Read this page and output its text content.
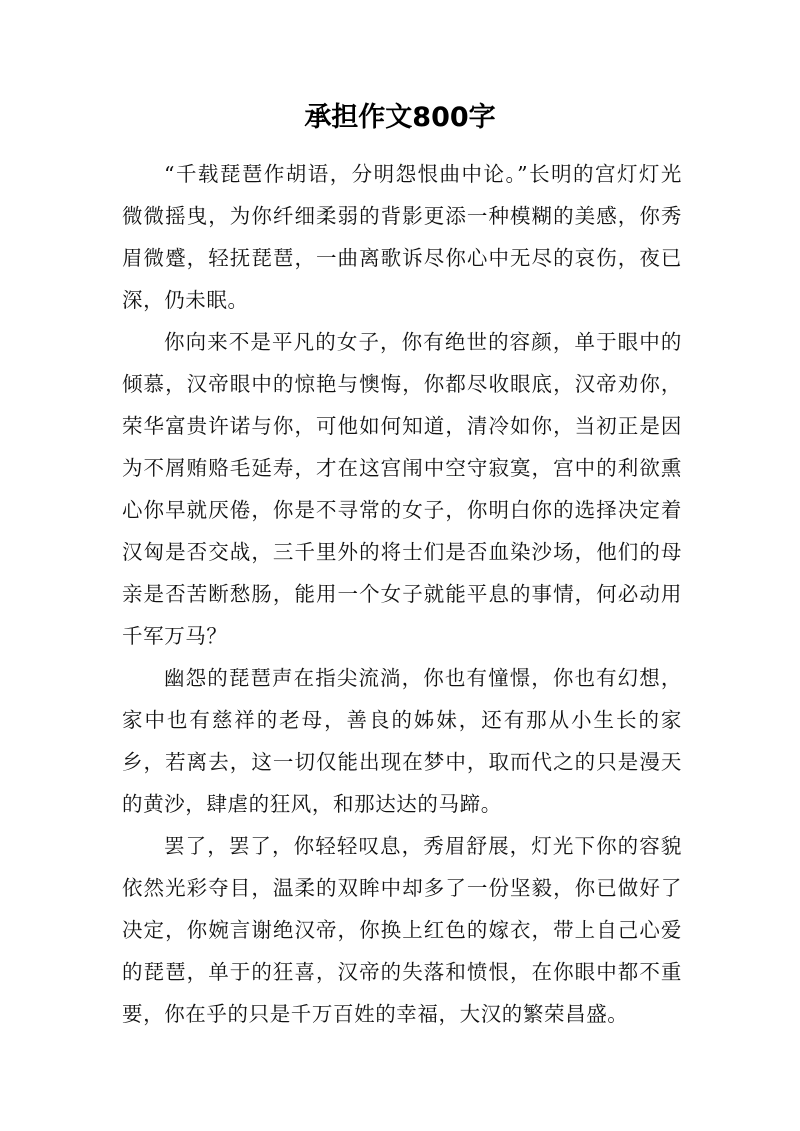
承担作文800字

“千载琵琶作胡语，分明怨恨曲中论。”长明的宫灯灯光微微摇曳，为你纤细柔弱的背影更添一种模糊的美感，你秀眉微蹙，轻抚琵琶，一曲离歌诉尽你心中无尽的哀伤，夜已深，仍未眠。

你向来不是平凡的女子，你有绝世的容颜，单于眼中的倾慕，汉帝眼中的惊艳与懊悔，你都尽收眼底，汉帝劝你，荣华富贵许诺与你，可他如何知道，清冷如你，当初正是因为不屑贿赂毛延寿，才在这宫闱中空守寂寞，宫中的利欲熏心你早就厌倦，你是不寻常的女子，你明白你的选择决定着汉匈是否交战，三千里外的将士们是否血染沙场，他们的母亲是否苦断愁肠，能用一个女子就能平息的事情，何必动用千军万马？

幽怨的琵琶声在指尖流淌，你也有憧憬，你也有幻想，家中也有慈祥的老母，善良的姊妹，还有那从小生长的家乡，若离去，这一切仅能出现在梦中，取而代之的只是漫天的黄沙，肆虐的狂风，和那达达的马蹄。

罢了，罢了，你轻轻叹息，秀眉舒展，灯光下你的容貌依然光彩夺目，温柔的双眸中却多了一份坚毅，你已做好了决定，你婉言谢绝汉帝，你换上红色的嫁衣，带上自己心爱的琵琶，单于的狂喜，汉帝的失落和愤恨，在你眼中都不重要，你在乎的只是千万百姓的幸福，大汉的繁荣昌盛。
